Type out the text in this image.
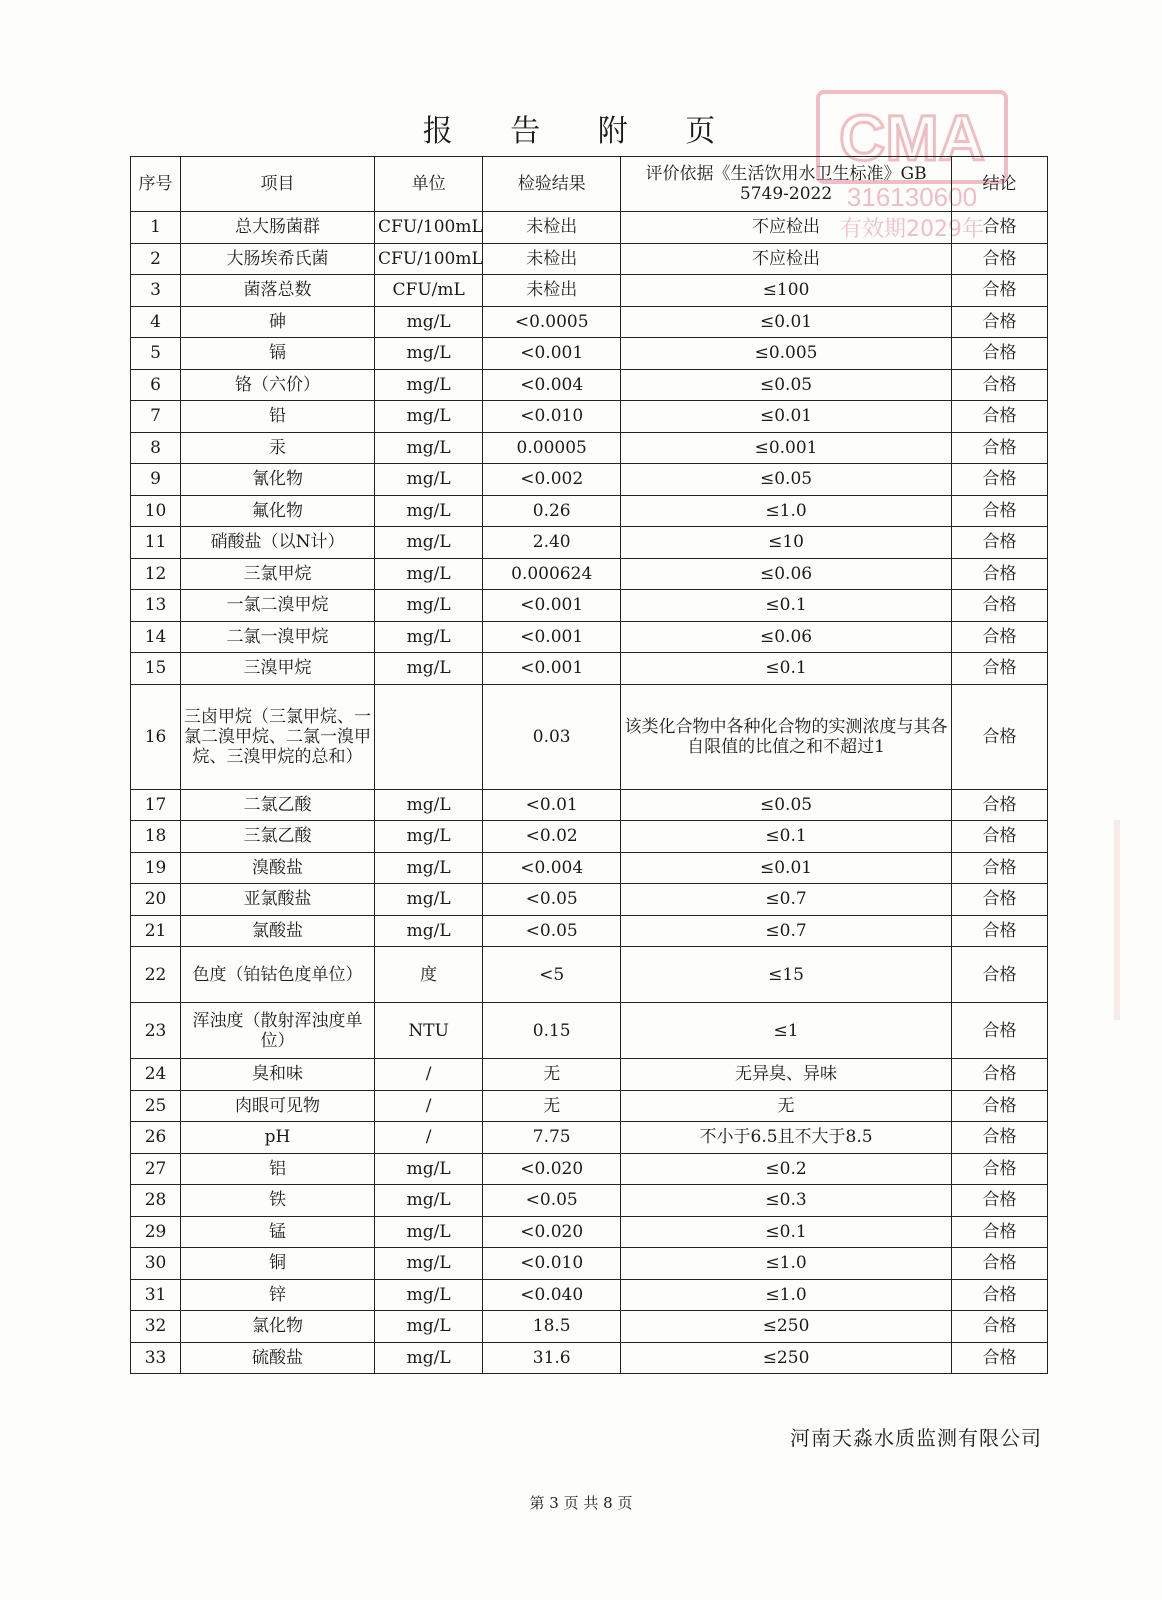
报 告 附 页	CMA
316130600
有效期2029年
序号	项目	单位	检验结果	评价依据《生活饮用水卫生标准》GB 5749-2022	结论
1	总大肠菌群	CFU/100mL	未检出	不应检出	合格
2	大肠埃希氏菌	CFU/100mL	未检出	不应检出	合格
3	菌落总数	CFU/mL	未检出	≤100	合格
4	砷	mg/L	<0.0005	≤0.01	合格
5	镉	mg/L	<0.001	≤0.005	合格
6	铬（六价）	mg/L	<0.004	≤0.05	合格
7	铅	mg/L	<0.010	≤0.01	合格
8	汞	mg/L	0.00005	≤0.001	合格
9	氰化物	mg/L	<0.002	≤0.05	合格
10	氟化物	mg/L	0.26	≤1.0	合格
11	硝酸盐（以N计）	mg/L	2.40	≤10	合格
12	三氯甲烷	mg/L	0.000624	≤0.06	合格
13	一氯二溴甲烷	mg/L	<0.001	≤0.1	合格
14	二氯一溴甲烷	mg/L	<0.001	≤0.06	合格
15	三溴甲烷	mg/L	<0.001	≤0.1	合格
16	三卤甲烷（三氯甲烷、一氯二溴甲烷、二氯一溴甲烷、三溴甲烷的总和）		0.03	该类化合物中各种化合物的实测浓度与其各自限值的比值之和不超过1	合格
17	二氯乙酸	mg/L	<0.01	≤0.05	合格
18	三氯乙酸	mg/L	<0.02	≤0.1	合格
19	溴酸盐	mg/L	<0.004	≤0.01	合格
20	亚氯酸盐	mg/L	<0.05	≤0.7	合格
21	氯酸盐	mg/L	<0.05	≤0.7	合格
22	色度（铂钴色度单位）	度	<5	≤15	合格
23	浑浊度（散射浑浊度单位）	NTU	0.15	≤1	合格
24	臭和味	/	无	无异臭、异味	合格
25	肉眼可见物	/	无	无	合格
26	pH	/	7.75	不小于6.5且不大于8.5	合格
27	铝	mg/L	<0.020	≤0.2	合格
28	铁	mg/L	<0.05	≤0.3	合格
29	锰	mg/L	<0.020	≤0.1	合格
30	铜	mg/L	<0.010	≤1.0	合格
31	锌	mg/L	<0.040	≤1.0	合格
32	氯化物	mg/L	18.5	≤250	合格
33	硫酸盐	mg/L	31.6	≤250	合格
河南天淼水质监测有限公司
第 3 页 共 8 页
